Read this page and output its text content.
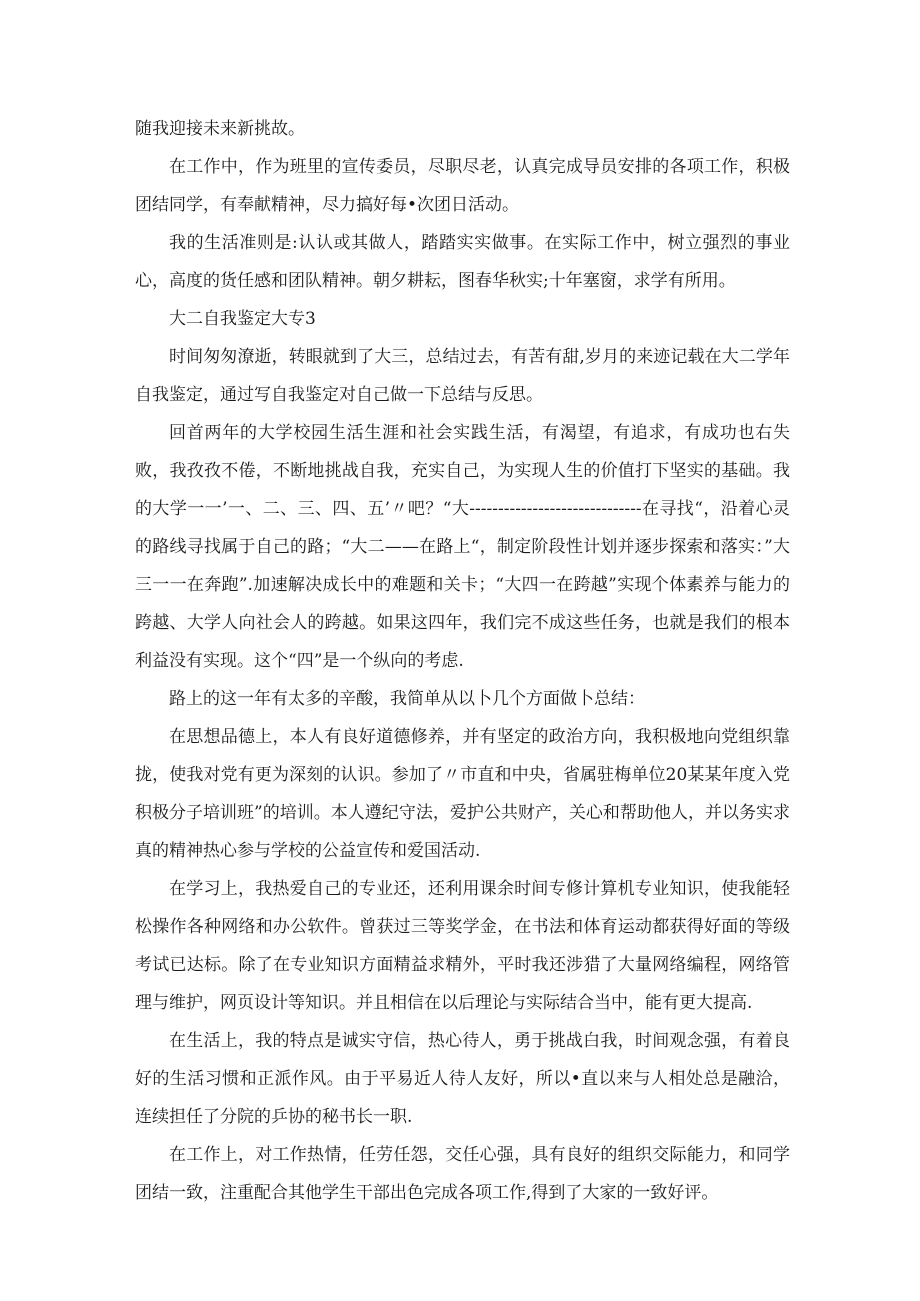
随我迎接未来新挑故。

在工作中，作为班里的宣传委员，尽职尽老，认真完成导员安排的各项工作，积极团结同学，有奉献精神，尽力搞好每•次团日活动。

我的生活准则是:认认或其做人，踏踏实实做事。在实际工作中，树立强烈的事业心，高度的货任感和团队精神。朝夕耕耘，图春华秋实;十年塞窗，求学有所用。

大二自我鉴定大专3

时间匆匆潦逝，转眼就到了大三，总结过去，有苦有甜,岁月的来迹记载在大二学年自我鉴定，通过写自我鉴定对自己做一下总结与反思。

回首两年的大学校园生活生涯和社会实践生活，有渴望，有追求，有成功也右失败，我孜孜不倦，不断地挑战自我，充实自己，为实现人生的价值打下坚实的基础。我的大学一一’一、二、三、四、五’〃吧？“大------------------------------在寻找“，沿着心灵的路线寻找属于自己的路；“大二——在路上“，制定阶段性计划并逐步探索和落实：”大三一一在奔跑”.加速解决成长中的难题和关卡；“大四一在跨越”实现个体素养与能力的跨越、大学人向社会人的跨越。如果这四年，我们完不成这些任务，也就是我们的根本利益没有实现。这个“四”是一个纵向的考虑.

路上的这一年有太多的辛酸，我简单从以卜几个方面做卜总结：

在思想品德上，本人有良好道德修养，并有坚定的政治方向，我积极地向党组织靠拢，使我对党有更为深刻的认识。参加了〃市直和中央，省属驻梅单位20某某年度入党积极分子培训班”的培训。本人遵纪守法，爱护公共财产，关心和帮助他人，并以务实求真的精神热心参与学校的公益宣传和爱国活动.

在学习上，我热爱自己的专业还，还利用课余时间专修计算机专业知识，使我能轻松操作各种网络和办公软件。曾获过三等奖学金，在书法和体育运动都获得好面的等级考试已达标。除了在专业知识方面精益求精外，平时我还涉猎了大量网络编程，网络管理与维护，网页设计等知识。并且相信在以后理论与实际结合当中，能有更大提高.

在生活上，我的特点是诚实守信，热心待人，勇于挑战白我，时间观念强，有着良好的生活习惯和正派作风。由于平易近人待人友好，所以•直以来与人相处总是融洽，连续担任了分院的乒协的秘书长一职.

在工作上，对工作热情，任劳任怨，交任心强，具有良好的组织交际能力，和同学团结一致，注重配合其他学生干部出色完成各项工作,得到了大家的一致好评。
